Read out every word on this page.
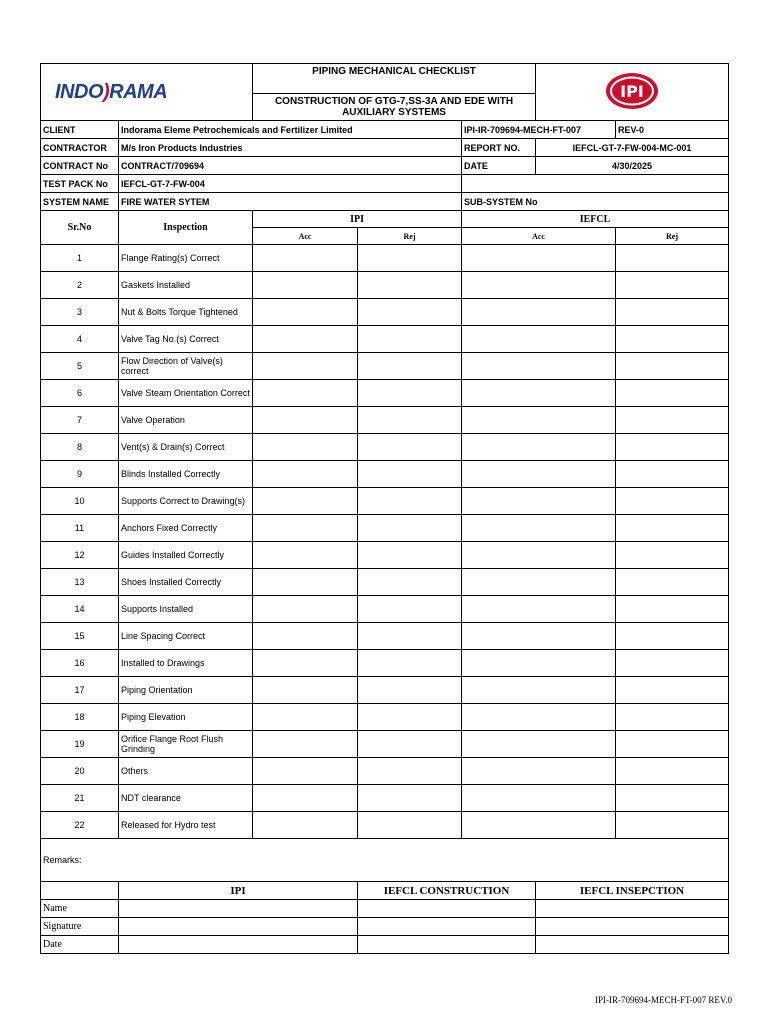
INDO)RAMA		PIPING MECHANICAL CHECKLIST
CONSTRUCTION OF GTG-7,SS-3A AND EDE WITH AUXILIARY SYSTEMS			IPI	

CLIENT	Indorama Eleme Petrochemicals and Fertilizer Limited			IPI-IR-709694-MECH-FT-007		REV-0
CONTRACTOR	M/s Iron Products Industries			REPORT NO.	IEFCL-GT-7-FW-004-MC-001	
CONTRACT No	CONTRACT/709694			DATE	4/30/2025	
TEST PACK No	IEFCL-GT-7-FW-004					
SYSTEM NAME	FIRE WATER SYTEM			SUB-SYSTEM No		
Sr.No	Inspection	IPI		IEFCL		
		Acc	Rej	Acc		Rej
1	Flange Rating(s) Correct					
2	Gaskets Installed					
3	Nut & Bolts Torque Tightened					
4	Valve Tag No.(s) Correct					
5	Flow Direction of Valve(s) correct					
6	Valve Steam Orientation Correct					
7	Valve Operation					
8	Vent(s) & Drain(s) Correct					
9	Blinds Installed Correctly					
10	Supports Correct to Drawing(s)					
11	Anchors Fixed Correctly					
12	Guides Installed Correctly					
13	Shoes Installed Correctly					
14	Supports Installed					
15	Line Spacing Correct					
16	Installed to Drawings					
17	Piping Orientation					
18	Piping Elevation					
19	Orifice Flange Root Flush Grinding					
20	Others					
21	NDT clearance					
22	Released for Hydro test					
Remarks:						
	IPI		IEFCL CONSTRUCTION		IEFCL INSEPCTION	
Name						
Signature						
Date						
IPI-IR-709694-MECH-FT-007 REV.0
